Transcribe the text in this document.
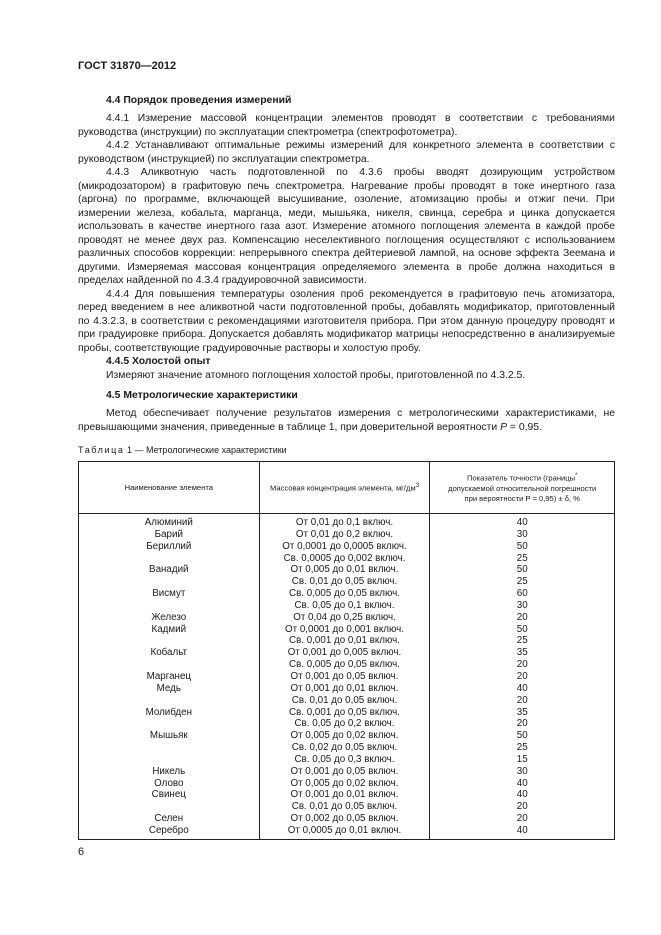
ГОСТ 31870—2012
4.4 Порядок проведения измерений

4.4.1 Измерение массовой концентрации элементов проводят в соответствии с требованиями руководства (инструкции) по эксплуатации спектрометра (спектрофотометра).

4.4.2 Устанавливают оптимальные режимы измерений для конкретного элемента в соответствии с руководством (инструкцией) по эксплуатации спектрометра.

4.4.3 Аликвотную часть подготовленной по 4.3.6 пробы вводят дозирующим устройством (микродозатором) в графитовую печь спектрометра. Нагревание пробы проводят в токе инертного газа (аргона) по программе, включающей высушивание, озоление, атомизацию пробы и отжиг печи. При измерении железа, кобальта, марганца, меди, мышьяка, никеля, свинца, серебра и цинка допускается использовать в качестве инертного газа азот. Измерение атомного поглощения элемента в каждой пробе проводят не менее двух раз. Компенсацию неселективного поглощения осуществляют с использованием различных способов коррекции: непрерывного спектра дейтериевой лампой, на основе эффекта Зеемана и другими. Измеряемая массовая концентрация определяемого элемента в пробе должна находиться в пределах найденной по 4.3.4 градуировочной зависимости.

4.4.4 Для повышения температуры озоления проб рекомендуется в графитовую печь атомизатора, перед введением в нее аликвотной части подготовленной пробы, добавлять модификатор, приготовленный по 4.3.2.3, в соответствии с рекомендациями изготовителя прибора. При этом данную процедуру проводят и при градуировке прибора. Допускается добавлять модификатор матрицы непосредственно в анализируемые пробы, соответствующие градуировочные растворы и холостую пробу.

4.4.5 Холостой опыт

Измеряют значение атомного поглощения холостой пробы, приготовленной по 4.3.2.5.

4.5 Метрологические характеристики

Метод обеспечивает получение результатов измерения с метрологическими характеристиками, не превышающими значения, приведенные в таблице 1, при доверительной вероятности P = 0,95.

Таблица 1 — Метрологические характеристики
Наименование элемента	Массовая концентрация элемента, $мг/дм^3$	Показатель точности (границы*
допускаемой относительной погрешности
при вероятности P = 0,95) ± δ, %
Алюминий	От 0,01 до 0,1 включ.	40
Барий	От 0,01 до 0,2 включ.	30
Бериллий	От 0,0001 до 0,0005 включ.	50
	Св. 0,0005 до 0,002 включ.	25
Ванадий	От 0,005 до 0,01 включ.	50
	Св. 0,01 до 0,05 включ.	25
Висмут	Св. 0,005 до 0,05 включ.	60
	Св. 0,05 до 0,1 включ.	30
Железо	От 0,04 до 0,25 включ.	20
Кадмий	От 0,0001 до 0,001 включ.	50
	Св. 0,001 до 0,01 включ.	25
Кобальт	От 0,001 до 0,005 включ.	35
	Св. 0,005 до 0,05 включ.	20
Марганец	От 0,001 до 0,05 включ.	20
Медь	От 0,001 до 0,01 включ.	40
	Св. 0,01 до 0,05 включ.	20
Молибден	Св. 0,001 до 0,05 включ.	35
	Св. 0,05 до 0,2 включ.	20
Мышьяк	От 0,005 до 0,02 включ.	50
	Св. 0,02 до 0,05 включ.	25
	Св. 0,05 до 0,3 включ.	15
Никель	От 0,001 до 0,05 включ.	30
Олово	От 0,005 до 0,02 включ.	40
Свинец	От 0,001 до 0,01 включ.	40
	Св. 0,01 до 0,05 включ.	20
Селен	От 0,002 до 0,05 включ.	20
Серебро	От 0,0005 до 0,01 включ.	40
6
